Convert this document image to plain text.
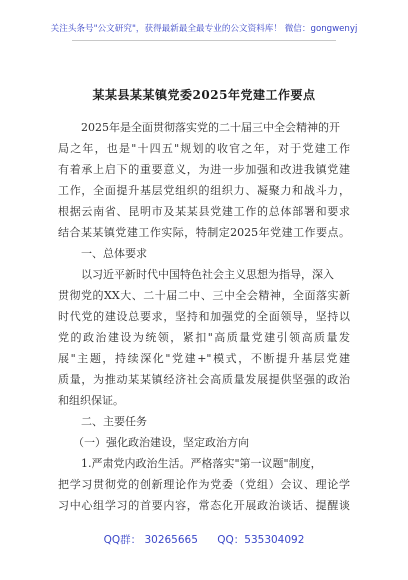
关注头条号"公文研究"，获得最新最全最专业的公文资料库！ 微信：gongwenyj
某某县某某镇党委2025年党建工作要点
2025年是全面贯彻落实党的二十届三中全会精神的开
局之年，也是"十四五"规划的收官之年，对于党建工作
有着承上启下的重要意义，为进一步加强和改进我镇党建
工作，全面提升基层党组织的组织力、凝聚力和战斗力，
根据云南省、昆明市及某某县党建工作的总体部署和要求
结合某某镇党建工作实际，特制定2025年党建工作要点。
一、总体要求
以习近平新时代中国特色社会主义思想为指导，深入
贯彻党的XX大、二十届二中、三中全会精神，全面落实新
时代党的建设总要求，坚持和加强党的全面领导，坚持以
党的政治建设为统领，紧扣"高质量党建引领高质量发
展"主题，持续深化"党建+"模式，不断提升基层党建
质量，为推动某某镇经济社会高质量发展提供坚强的政治
和组织保证。
二、主要任务
（一）强化政治建设，坚定政治方向
1.严肃党内政治生活。严格落实"第一议题"制度，
把学习贯彻党的创新理论作为党委（党组）会议、理论学
习中心组学习的首要内容，常态化开展政治谈话、提醒谈
QQ群： 30265665 QQ：535304092
